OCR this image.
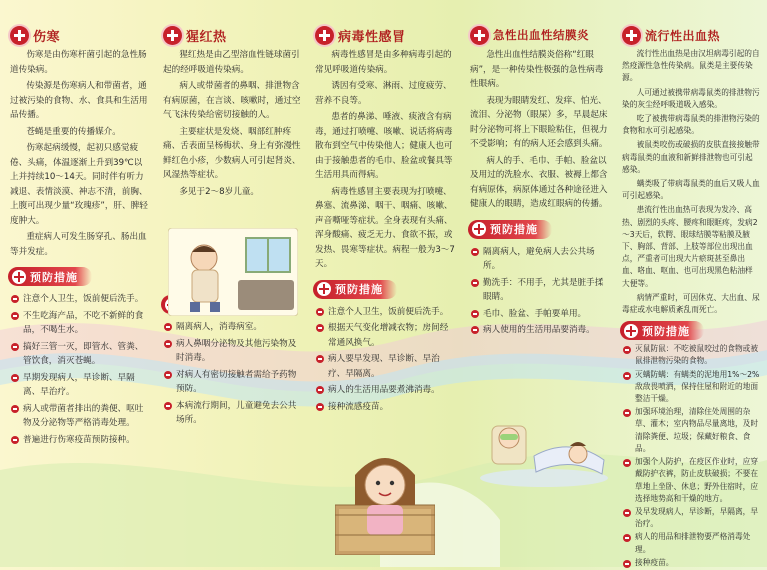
伤寒

伤寒是由伤寒杆菌引起的急性肠道传染病。

传染源是伤寒病人和带菌者，通过被污染的食物、水、食具和生活用品传播。

苍蝇是重要的传播媒介。

伤寒起病缓慢，起初只感觉疲倦、头痛，体温逐渐上升到39℃以上并持续10～14天。同时伴有听力减退、表情淡漠、神志不清，前胸、上腹可出现少量“玫瑰疹”，肝、脾轻度肿大。

重症病人可发生肠穿孔、肠出血等并发症。

预防措施
注意个人卫生，饭前便后洗手。
不生吃海产品，不吃不新鲜的食品，不喝生水。
搞好三管一灭，即管水、管粪、管饮食，消灭苍蝇。
早期发现病人，早诊断、早隔离、早治疗。
病人或带菌者排出的粪便、呕吐物及分泌物等严格消毒处理。
普遍进行伤寒疫苗预防接种。
猩红热

猩红热是由乙型溶血性链球菌引起的经呼吸道传染病。

病人或带菌者的鼻咽、排泄物含有病原菌，在言谈、咳嗽时，通过空气飞沫传染给密切接触的人。

主要症状是发烧、咽部红肿疼痛、舌表面呈杨梅状、身上有弥漫性鲜红色小疹，少数病人可引起肾炎、风湿热等症状。

多见于2～8岁儿童。

隔离病人，消毒病室。
病人鼻咽分泌物及其他污染物及时消毒。
对病人有密切接触者需给予药物预防。
本病流行期间，儿童避免去公共场所。
病毒性感冒

病毒性感冒是由多种病毒引起的常见呼吸道传染病。

诱因有受寒、淋雨、过度疲劳、营养不良等。

患者的鼻涕、唾液、痰液含有病毒，通过打喷嚏、咳嗽、说话将病毒散布到空气中传染他人；健康人也可由于接触患者的毛巾、脸盆或餐具等生活用具而得病。

病毒性感冒主要表现为打喷嚏、鼻塞、流鼻涕、咽干、咽痛、咳嗽、声音嘶哑等症状。全身表现有头痛、浑身酸痛、疲乏无力、食欲不振，或发热、畏寒等症状。病程一般为3～7天。

预防措施
注意个人卫生，饭前便后洗手。
根据天气变化增减衣物；房间经常通风换气。
病人要早发现、早诊断、早治疗、早隔离。
病人的生活用品要煮沸消毒。
接种流感疫苗。
急性出血性结膜炎

急性出血性结膜炎俗称“红眼病”，是一种传染性极强的急性病毒性眼病。

表现为眼睛发红、发痒、怕光、流泪、分泌物（眼屎）多，早晨起床时分泌物可将上下眼睑粘住，但视力不受影响；有的病人还会感到头痛。

病人的手、毛巾、手帕、脸盆以及用过的洗脸水、衣服、被褥上都含有病原体，病原体通过各种途径进入健康人的眼睛，造成红眼病的传播。

预防措施
隔离病人，避免病人去公共场所。
勤洗手：不用手，尤其是脏手揉眼睛。
毛巾、脸盆、手帕要单用。
病人使用的生活用品要消毒。
流行性出血热

流行性出血热是由汉坦病毒引起的自然疫源性急性传染病。鼠类是主要传染源。

人可通过被携带病毒鼠类的排泄物污染的灰尘经呼吸道吸入感染。

吃了被携带病毒鼠类的排泄物污染的食物和水可引起感染。

被鼠类咬伤或破损的皮肤直接接触带病毒鼠类的血液和新鲜排泄物也可引起感染。

螨类吸了带病毒鼠类的血后又吸人血可引起感染。

患流行性出血热可表现为发冷、高热、剧烈的头疼、腰疼和眼眶疼，发病2～3天后，软腭、眼球结膜等粘膜及腋下、胸部、背部、上肢等部位出现出血点，严重者可出现大片瘀斑甚至鼻出血、咯血、呕血、也可出现黑色粘油样大便等。

病情严重时，可因休克、大出血、尿毒症或水电解质紊乱而死亡。

预防措施
灭鼠防鼠：不吃被鼠咬过的食物或被鼠排泄物污染的食物。
灭螨防螨：有螨类的泥地用1%～2%敌敌畏喷洒，保持住屋和附近的地面整洁干燥。
加强环境治理，清除住处周围的杂草、灌木；室内物品尽量离地，及时清除粪便、垃圾；保藏好粮食、食品。
加强个人防护，在疫区作业时，应穿戴防护衣裤，防止皮肤破损；不要在草地上坐卧、休息；野外住宿时，应选择地势高和干燥的地方。
及早发现病人，早诊断，早隔离，早治疗。
病人的用品和排泄物要严格消毒处理。
接种疫苗。
